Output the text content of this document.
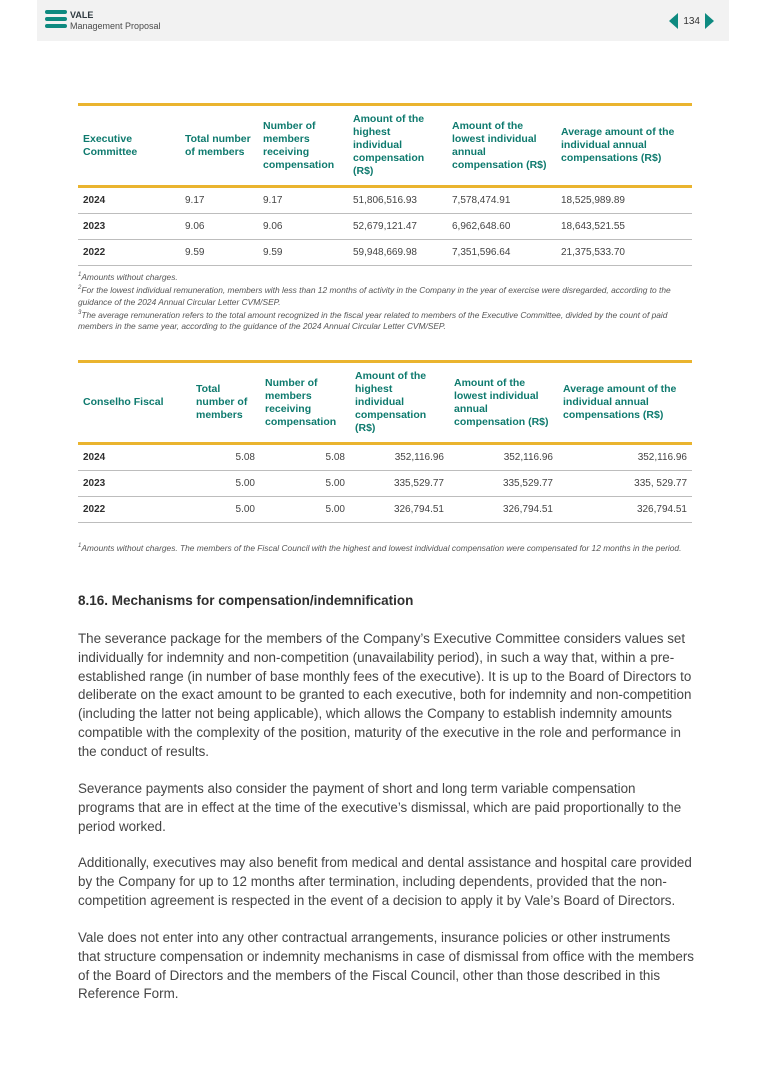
VALE
Management Proposal	134
Executive Committee	Total number of members	Number of members receiving compensation	Amount of the highest individual compensation (R$)	Amount of the lowest individual annual compensation (R$)	Average amount of the individual annual compensations (R$)
2024	9.17	9.17	51,806,516.93	7,578,474.91	18,525,989.89
2023	9.06	9.06	52,679,121.47	6,962,648.60	18,643,521.55
2022	9.59	9.59	59,948,669.98	7,351,596.64	21,375,533.70

$^1$Amounts without charges.

$^2$For the lowest individual remuneration, members with less than 12 months of activity in the Company in the year of exercise were disregarded, according to the guidance of the 2024 Annual Circular Letter CVM/SEP.

$^3$The average remuneration refers to the total amount recognized in the fiscal year related to members of the Executive Committee, divided by the count of paid members in the same year, according to the guidance of the 2024 Annual Circular Letter CVM/SEP.

Conselho Fiscal	Total number of members	Number of members receiving compensation	Amount of the highest individual compensation (R$)	Amount of the lowest individual annual compensation (R$)	Average amount of the individual annual compensations (R$)
2024	5.08	5.08	352,116.96	352,116.96	352,116.96
2023	5.00	5.00	335,529.77	335,529.77	335, 529.77
2022	5.00	5.00	326,794.51	326,794.51	326,794.51

$^1$Amounts without charges. The members of the Fiscal Council with the highest and lowest individual compensation were compensated for 12 months in the period.

8.16. Mechanisms for compensation/indemnification

The severance package for the members of the Company’s Executive Committee considers values set individually for indemnity and non-competition (unavailability period), in such a way that, within a pre-established range (in number of base monthly fees of the executive). It is up to the Board of Directors to deliberate on the exact amount to be granted to each executive, both for indemnity and non-competition (including the latter not being applicable), which allows the Company to establish indemnity amounts compatible with the complexity of the position, maturity of the executive in the role and performance in the conduct of results.

Severance payments also consider the payment of short and long term variable compensation programs that are in effect at the time of the executive’s dismissal, which are paid proportionally to the period worked.

Additionally, executives may also benefit from medical and dental assistance and hospital care provided by the Company for up to 12 months after termination, including dependents, provided that the non-competition agreement is respected in the event of a decision to apply it by Vale’s Board of Directors.

Vale does not enter into any other contractual arrangements, insurance policies or other instruments that structure compensation or indemnity mechanisms in case of dismissal from office with the members of the Board of Directors and the members of the Fiscal Council, other than those described in this Reference Form.
